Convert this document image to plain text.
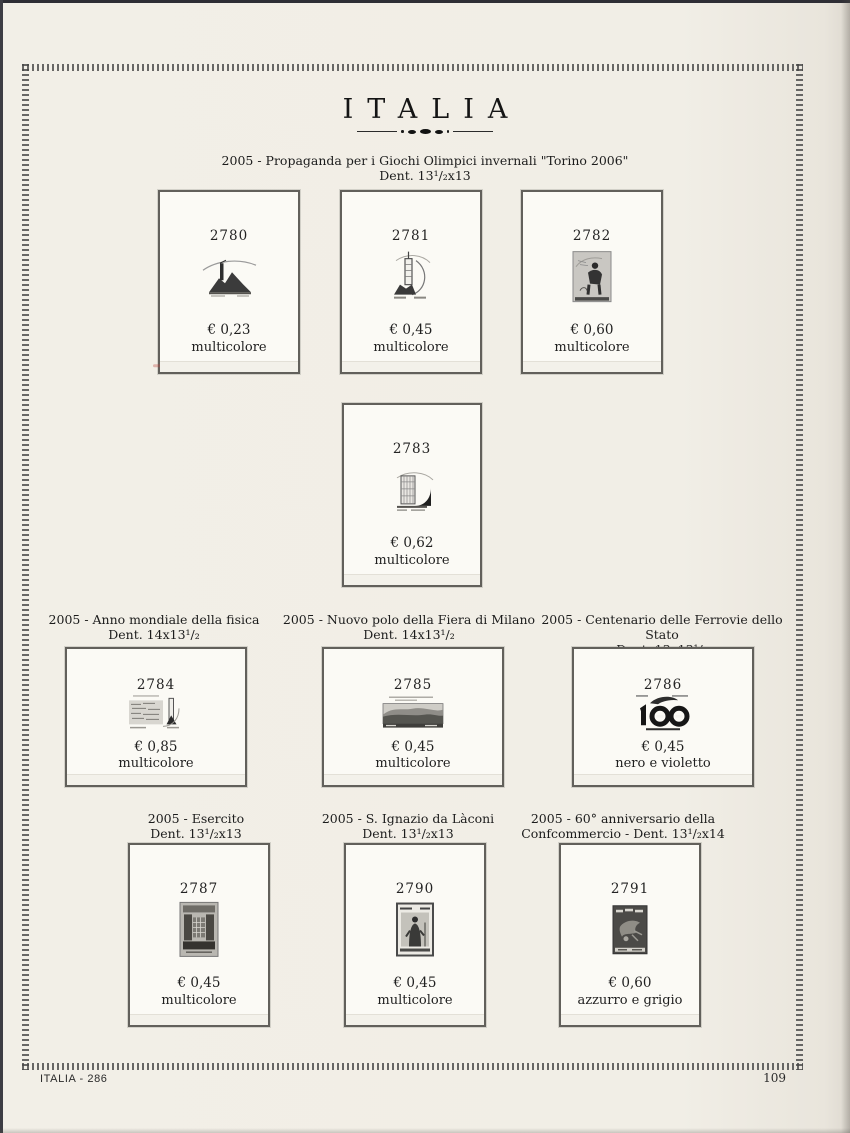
ITALIA
2005 - Propaganda per i Giochi Olimpici invernali "Torino 2006"
Dent. 13¹/₂x13
2780
€ 0,23
multicolore
2781
€ 0,45
multicolore
2782
€ 0,60
multicolore
2783
€ 0,62
multicolore
2005 - Anno mondiale della fisica
Dent. 14x13¹/₂
2005 - Nuovo polo della Fiera di Milano
Dent. 14x13¹/₂
2005 - Centenario delle Ferrovie dello Stato
2784
€ 0,85
multicolore
2785
€ 0,45
multicolore
2786
€ 0,45
nero e violetto
2005 - Esercito
Dent. 13¹/₂x13
2005 - S. Ignazio da Làconi
Dent. 13¹/₂x13
2005 - 60° anniversario della
Confcommercio - Dent. 13¹/₂x14
2787
€ 0,45
multicolore
2790
€ 0,45
multicolore
2791
€ 0,60
azzurro e grigio
ITALIA - 286	109
